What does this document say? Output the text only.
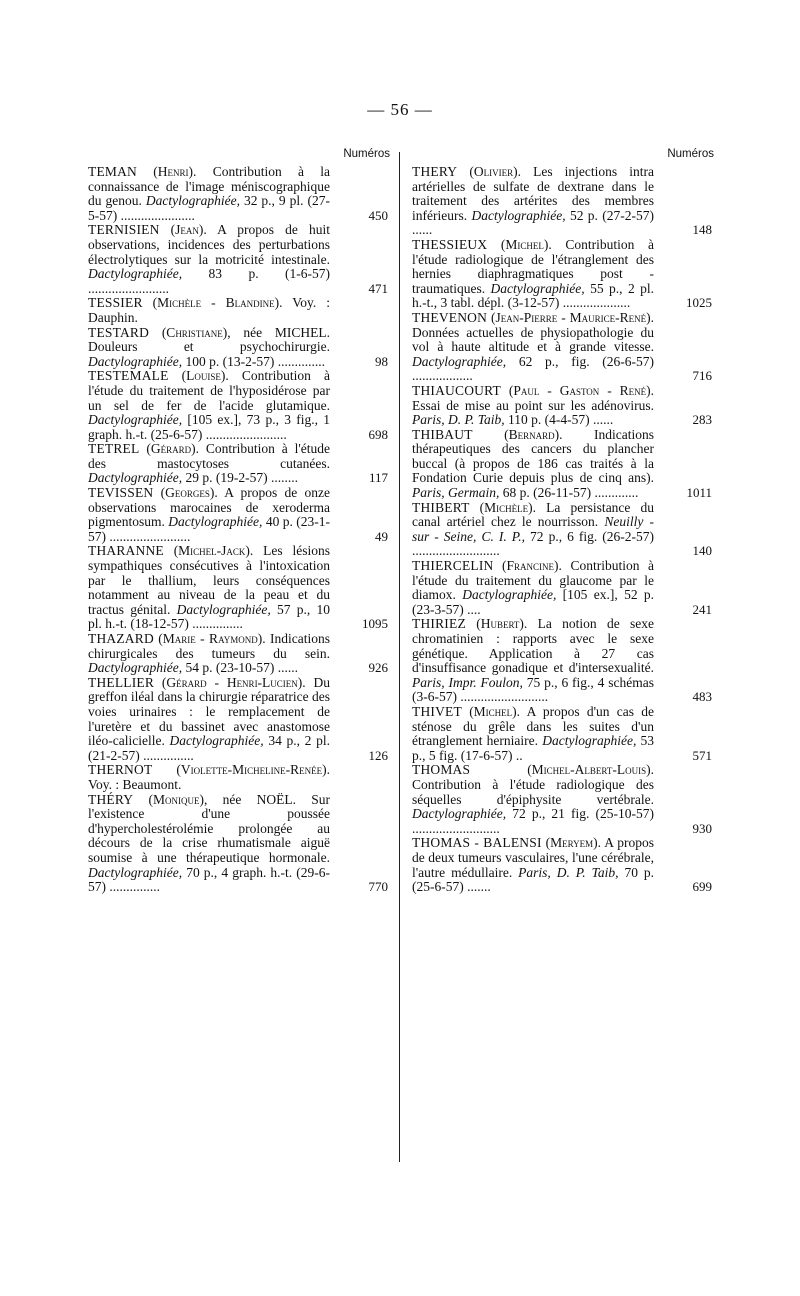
— 56 —
Numéros

TEMAN (Henri). Contribution à la connaissance de l'image méniscographique du genou. Dactylographiée, 32 p., 9 pl. (27-5-57) ......................	450

TERNISIEN (Jean). A propos de huit observations, incidences des perturbations électrolytiques sur la motricité intestinale. Dactylographiée, 83 p. (1-6-57) ........................	471

TESSIER (Michèle - Blandine). Voy. : Dauphin.

TESTARD (Christiane), née MICHEL. Douleurs et psychochirurgie. Dactylographiée, 100 p. (13-2-57) ..............	98

TESTEMALE (Louise). Contribution à l'étude du traitement de l'hyposidérose par un sel de fer de l'acide glutamique. Dactylographiée, [105 ex.], 73 p., 3 fig., 1 graph. h.-t. (25-6-57) ........................	698

TETREL (Gérard). Contribution à l'étude des mastocytoses cutanées. Dactylographiée, 29 p. (19-2-57) ........	117

TEVISSEN (Georges). A propos de onze observations marocaines de xeroderma pigmentosum. Dactylographiée, 40 p. (23-1-57) ........................	49

THARANNE (Michel-Jack). Les lésions sympathiques consécutives à l'intoxication par le thallium, leurs conséquences notamment au niveau de la peau et du tractus génital. Dactylographiée, 57 p., 10 pl. h.-t. (18-12-57) ...............	1095

THAZARD (Marie - Raymond). Indications chirurgicales des tumeurs du sein. Dactylographiée, 54 p. (23-10-57) ......	926

THELLIER (Gérard - Henri-Lucien). Du greffon iléal dans la chirurgie réparatrice des voies urinaires : le remplacement de l'uretère et du bassinet avec anastomose iléo-calicielle. Dactylographiée, 34 p., 2 pl. (21-2-57) ...............	126

THERNOT (Violette-Micheline-Renée). Voy. : Beaumont.

THÉRY (Monique), née NOËL. Sur l'existence d'une poussée d'hypercholestérolémie prolongée au décours de la crise rhumatismale aiguë soumise à une thérapeutique hormonale. Dactylographiée, 70 p., 4 graph. h.-t. (29-6-57) ...............	770

Numéros

THERY (Olivier). Les injections intra artérielles de sulfate de dextrane dans le traitement des artérites des membres inférieurs. Dactylographiée, 52 p. (27-2-57) ......	148

THESSIEUX (Michel). Contribution à l'étude radiologique de l'étranglement des hernies diaphragmatiques post - traumatiques. Dactylographiée, 55 p., 2 pl. h.-t., 3 tabl. dépl. (3-12-57) ....................	1025

THEVENON (Jean-Pierre - Maurice-René). Données actuelles de physiopathologie du vol à haute altitude et à grande vitesse. Dactylographiée, 62 p., fig. (26-6-57) ..................	716

THIAUCOURT (Paul - Gaston - René). Essai de mise au point sur les adénovirus. Paris, D. P. Taib, 110 p. (4-4-57) ......	283

THIBAUT (Bernard). Indications thérapeutiques des cancers du plancher buccal (à propos de 186 cas traités à la Fondation Curie depuis plus de cinq ans). Paris, Germain, 68 p. (26-11-57) .............	1011

THIBERT (Michèle). La persistance du canal artériel chez le nourrisson. Neuilly - sur - Seine, C. I. P., 72 p., 6 fig. (26-2-57) ..........................	140

THIERCELIN (Francine). Contribution à l'étude du traitement du glaucome par le diamox. Dactylographiée, [105 ex.], 52 p. (23-3-57) ....	241

THIRIEZ (Hubert). La notion de sexe chromatinien : rapports avec le sexe génétique. Application à 27 cas d'insuffisance gonadique et d'intersexualité. Paris, Impr. Foulon, 75 p., 6 fig., 4 schémas (3-6-57) ..........................	483

THIVET (Michel). A propos d'un cas de sténose du grêle dans les suites d'un étranglement herniaire. Dactylographiée, 53 p., 5 fig. (17-6-57) ..	571

THOMAS	(Michel-Albert-Louis). Contribution à l'étude radiologique des séquelles d'épiphysite vertébrale. Dactylographiée, 72 p., 21 fig. (25-10-57) ..........................	930

THOMAS - BALENSI (Meryem). A propos de deux tumeurs vasculaires, l'une cérébrale, l'autre médullaire. Paris, D. P. Taib, 70 p. (25-6-57) .......	699
